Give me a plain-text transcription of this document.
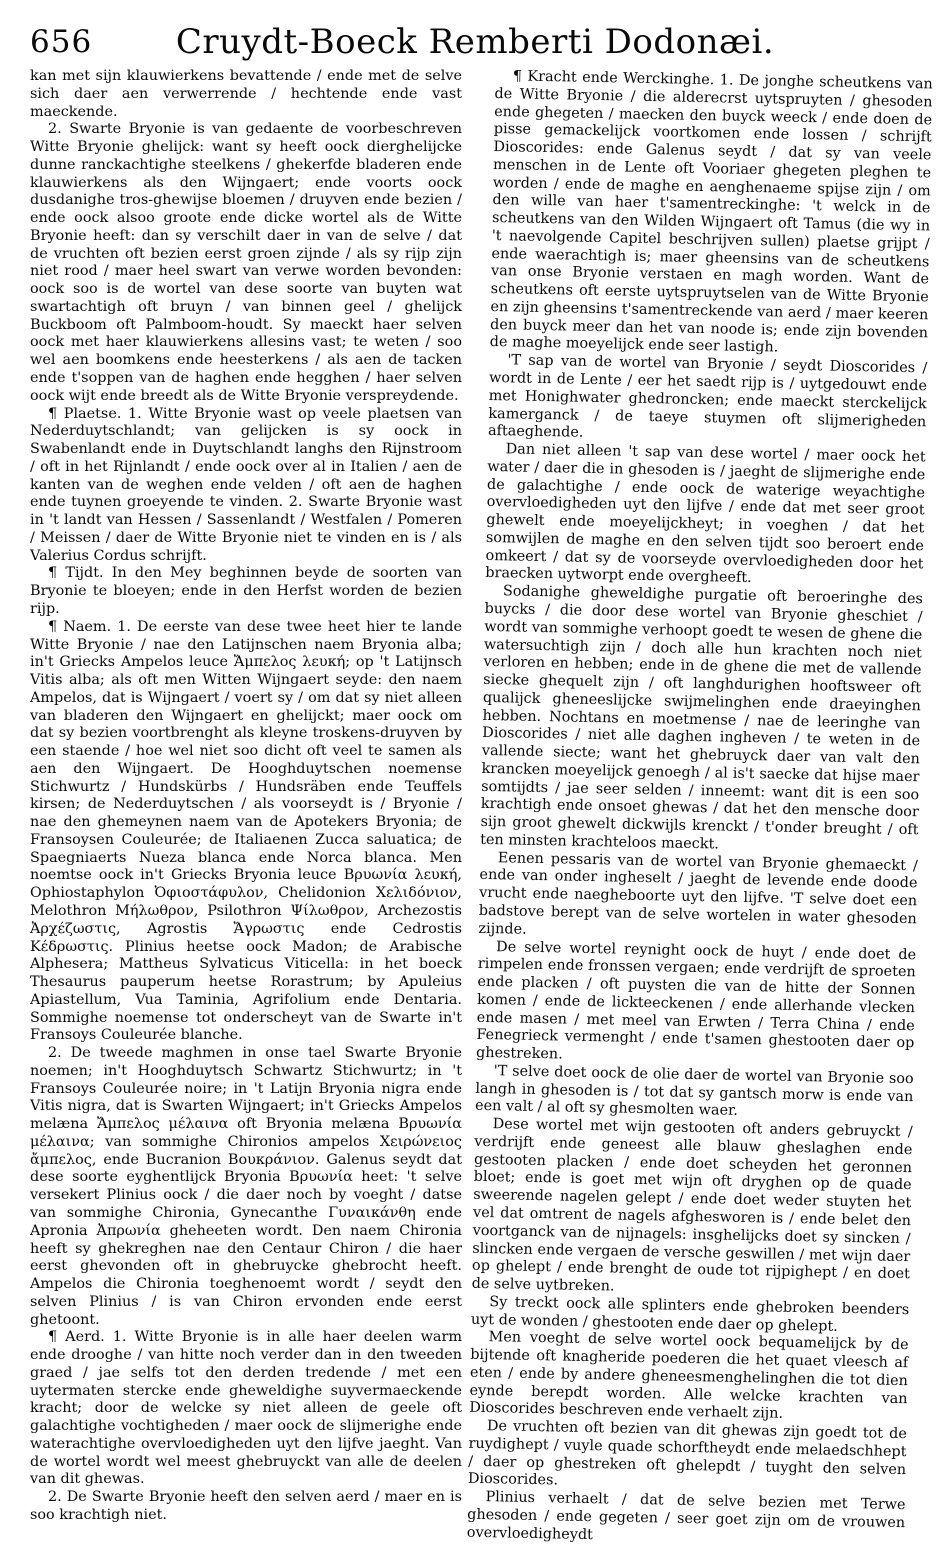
656	Cruydt-Boeck Remberti Dodonæi.

kan met sijn klauwierkens bevattende / ende met de selve sich daer aen verwerrende / hechtende ende vast maeckende.

2. Swarte Bryonie is van gedaente de voorbeschreven Witte Bryonie ghelijck: want sy heeft oock dierghelijcke dunne ranckachtighe steelkens / ghekerfde bladeren ende klauwierkens als den Wijngaert; ende voorts oock dusdanighe tros-ghewijse bloemen / druyven ende bezien / ende oock alsoo groote ende dicke wortel als de Witte Bryonie heeft: dan sy verschilt daer in van de selve / dat de vruchten oft bezien eerst groen zijnde / als sy rijp zijn niet rood / maer heel swart van verwe worden bevonden: oock soo is de wortel van dese soorte van buyten wat swartachtigh oft bruyn / van binnen geel / ghelijck Buckboom oft Palmboom-houdt. Sy maeckt haer selven oock met haer klauwierkens allesins vast; te weten / soo wel aen boomkens ende heesterkens / als aen de tacken ende t'soppen van de haghen ende hegghen / haer selven oock wijt ende breedt als de Witte Bryonie verspreydende.

¶ Plaetse. 1. Witte Bryonie wast op veele plaetsen van Nederduytschlandt; van gelijcken is sy oock in Swabenlandt ende in Duytschlandt langhs den Rijnstroom / oft in het Rijnlandt / ende oock over al in Italien / aen de kanten van de weghen ende velden / oft aen de haghen ende tuynen groeyende te vinden. 2. Swarte Bryonie wast in 't landt van Hessen / Sassenlandt / Westfalen / Pomeren / Meissen / daer de Witte Bryonie niet te vinden en is / als Valerius Cordus schrijft.

¶ Tijdt. In den Mey beghinnen beyde de soorten van Bryonie te bloeyen; ende in den Herfst worden de bezien rijp.

¶ Naem. 1. De eerste van dese twee heet hier te lande Witte Bryonie / nae den Latijnschen naem Bryonia alba; in't Griecks Ampelos leuce Ἄμπελος λευκή; op 't Latijnsch Vitis alba; als oft men Witten Wijngaert seyde: den naem Ampelos, dat is Wijngaert / voert sy / om dat sy niet alleen van bladeren den Wijngaert en ghelijckt; maer oock om dat sy bezien voortbrenght als kleyne troskens-druyven by een staende / hoe wel niet soo dicht oft veel te samen als aen den Wijngaert. De Hooghduytschen noemense Stichwurtz / Hundskürbs / Hundsräben ende Teuffels kirsen; de Nederduytschen / als voorseydt is / Bryonie / nae den ghemeynen naem van de Apotekers Bryonia; de Fransoysen Couleurée; de Italiaenen Zucca saluatica; de Spaegniaerts Nueza blanca ende Norca blanca. Men noemtse oock in't Griecks Bryonia leuce Βρυωνία λευκή, Ophiostaphylon Ὀφιοστάφυλον, Chelidonion Χελιδόνιον, Melothron Μήλωθρον, Psilothron Ψίλωθρον, Archezostis Ἀρχέζωστις, Agrostis Ἄγρωστις ende Cedrostis Κέδρωστις. Plinius heetse oock Madon; de Arabische Alphesera; Mattheus Sylvaticus Viticella: in het boeck Thesaurus pauperum heetse Rorastrum; by Apuleius Apiastellum, Vua Taminia, Agrifolium ende Dentaria. Sommighe noemense tot onderscheyt van de Swarte in't Fransoys Couleurée blanche.

2. De tweede maghmen in onse tael Swarte Bryonie noemen; in't Hooghduytsch Schwartz Stichwurtz; in 't Fransoys Couleurée noire; in 't Latijn Bryonia nigra ende Vitis nigra, dat is Swarten Wijngaert; in't Griecks Ampelos melæna Ἄμπελος μέλαινα oft Bryonia melæna Βρυωνία μέλαινα; van sommighe Chironios ampelos Χειρώνειος ἄμπελος, ende Bucranion Βουκράνιον. Galenus seydt dat dese soorte eyghentlijck Bryonia Βρυωνία heet: 't selve versekert Plinius oock / die daer noch by voeght / datse van sommighe Chironia, Gynecanthe Γυναικάνθη ende Apronia Ἀπρωνία gheheeten wordt. Den naem Chironia heeft sy ghekreghen nae den Centaur Chiron / die haer eerst ghevonden oft in ghebruycke ghebrocht heeft. Ampelos die Chironia toeghenoemt wordt / seydt den selven Plinius / is van Chiron ervonden ende eerst ghetoont.

¶ Aerd. 1. Witte Bryonie is in alle haer deelen warm ende drooghe / van hitte noch verder dan in den tweeden graed / jae selfs tot den derden tredende / met een uytermaten stercke ende gheweldighe suyvermaeckende kracht; door de welcke sy niet alleen de geele oft galachtighe vochtigheden / maer oock de slijmerighe ende waterachtighe overvloedigheden uyt den lijfve jaeght. Van de wortel wordt wel meest ghebruyckt van alle de deelen van dit ghewas.

2. De Swarte Bryonie heeft den selven aerd / maer en is soo krachtigh niet.

¶ Kracht ende Werckinghe. 1. De jonghe scheutkens van de Witte Bryonie / die alderecrst uytspruyten / ghesoden ende ghegeten / maecken den buyck weeck / ende doen de pisse gemackelijck voortkomen ende lossen / schrijft Dioscorides: ende Galenus seydt / dat sy van veele menschen in de Lente oft Vooriaer ghegeten pleghen te worden / ende de maghe en aenghenaeme spijse zijn / om den wille van haer t'samentreckinghe: 't welck in de scheutkens van den Wilden Wijngaert oft Tamus (die wy in 't naevolgende Capitel beschrijven sullen) plaetse grijpt / ende waerachtigh is; maer gheensins van de scheutkens van onse Bryonie verstaen en magh worden. Want de scheutkens oft eerste uytspruytselen van de Witte Bryonie en zijn gheensins t'samentreckende van aerd / maer keeren den buyck meer dan het van noode is; ende zijn bovenden de maghe moeyelijck ende seer lastigh.

'T sap van de wortel van Bryonie / seydt Dioscorides / wordt in de Lente / eer het saedt rijp is / uytgedouwt ende met Honighwater ghedroncken; ende maeckt sterckelijck kamerganck / de taeye stuymen oft slijmerigheden aftaeghende.

Dan niet alleen 't sap van dese wortel / maer oock het water / daer die in ghesoden is / jaeght de slijmerighe ende de galachtighe / ende oock de waterige weyachtighe overvloedigheden uyt den lijfve / ende dat met seer groot ghewelt ende moeyelijckheyt; in voeghen / dat het somwijlen de maghe en den selven tijdt soo beroert ende omkeert / dat sy de voorseyde overvloedigheden door het braecken uytworpt ende overgheeft.

Sodanighe gheweldighe purgatie oft beroeringhe des buycks / die door dese wortel van Bryonie gheschiet / wordt van sommighe verhoopt goedt te wesen de ghene die watersuchtigh zijn / doch alle hun krachten noch niet verloren en hebben; ende in de ghene die met de vallende siecke ghequelt zijn / oft langhdurighen hooftsweer oft qualijck gheneeslijcke swijmelinghen ende draeyinghen hebben. Nochtans en moetmense / nae de leeringhe van Dioscorides / niet alle daghen ingheven / te weten in de vallende siecte; want het ghebruyck daer van valt den krancken moeyelijck genoegh / al is't saecke dat hijse maer somtijdts / jae seer selden / inneemt: want dit is een soo krachtigh ende onsoet ghewas / dat het den mensche door sijn groot ghewelt dickwijls krenckt / t'onder breught / oft ten minsten krachteloos maeckt.

Eenen pessaris van de wortel van Bryonie ghemaeckt / ende van onder ingheselt / jaeght de levende ende doode vrucht ende naegheboorte uyt den lijfve. 'T selve doet een badstove berept van de selve wortelen in water ghesoden zijnde.

De selve wortel reynight oock de huyt / ende doet de rimpelen ende fronssen vergaen; ende verdrijft de sproeten ende placken / oft puysten die van de hitte der Sonnen komen / ende de lickteeckenen / ende allerhande vlecken ende masen / met meel van Erwten / Terra China / ende Fenegrieck vermenght / ende t'samen ghestooten daer op ghestreken.

'T selve doet oock de olie daer de wortel van Bryonie soo langh in ghesoden is / tot dat sy gantsch morw is ende van een valt / al oft sy ghesmolten waer.

Dese wortel met wijn gestooten oft anders gebruyckt / verdrijft ende geneest alle blauw gheslaghen ende gestooten placken / ende doet scheyden het geronnen bloet; ende is goet met wijn oft dryghen op de quade sweerende nagelen gelept / ende doet weder stuyten het vel dat omtrent de nagels afghesworen is / ende belet den voortganck van de nijnagels: insghelijcks doet sy sincken / slincken ende vergaen de versche geswillen / met wijn daer op ghelept / ende brenght de oude tot rijpighept / en doet de selve uytbreken.

Sy treckt oock alle splinters ende ghebroken beenders uyt de wonden / ghestooten ende daer op ghelept.

Men voeght de selve wortel oock bequamelijck by de bijtende oft knagheride poederen die het quaet vleesch af eten / ende by andere gheneesmenghelinghen die tot dien eynde berepdt worden. Alle welcke krachten van Dioscorides beschreven ende verhaelt zijn.

De vruchten oft bezien van dit ghewas zijn goedt tot de ruydighept / vuyle quade schorftheydt ende melaedschhept / daer op ghestreken oft ghelepdt / tuyght den selven Dioscorides.

Plinius verhaelt / dat de selve bezien met Terwe ghesoden / ende gegeten / seer goet zijn om de vrouwen overvloedigheydt
